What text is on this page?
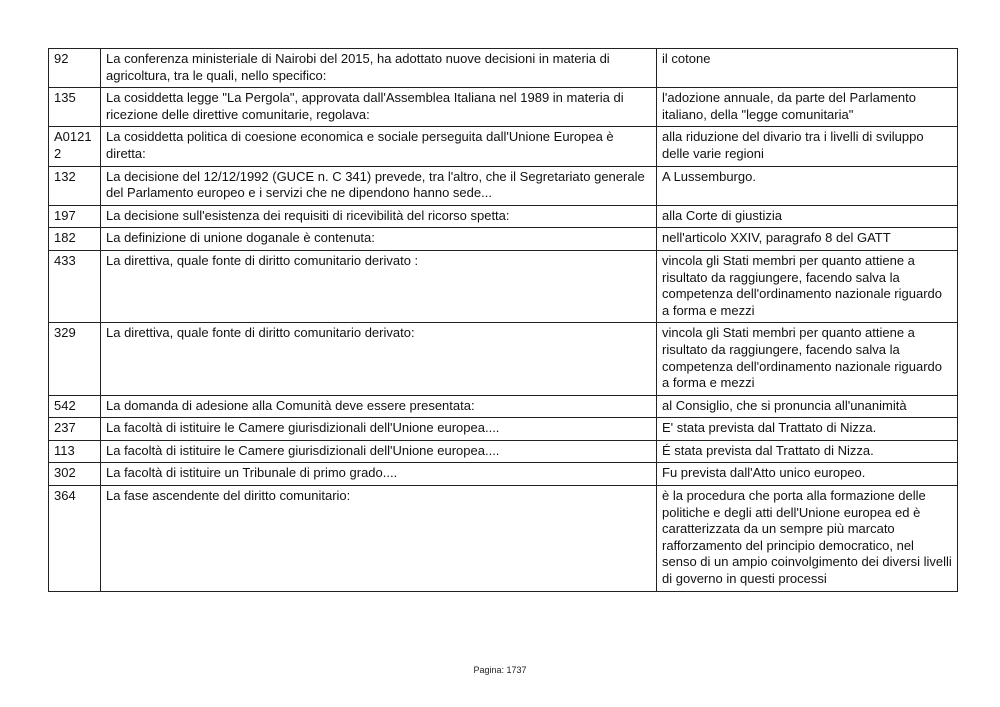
92	La conferenza ministeriale di Nairobi del 2015, ha adottato nuove decisioni in materia di agricoltura, tra le quali, nello specifico:	il cotone
135	La cosiddetta legge "La Pergola", approvata dall'Assemblea Italiana nel 1989 in materia di ricezione delle direttive comunitarie, regolava:	l'adozione annuale, da parte del Parlamento italiano, della "legge comunitaria"
A01212	La cosiddetta politica di coesione economica e sociale perseguita dall'Unione Europea è diretta:	alla riduzione del divario tra i livelli di sviluppo delle varie regioni
132	La decisione del 12/12/1992 (GUCE n. C 341) prevede, tra l'altro, che il Segretariato generale del Parlamento europeo e i servizi che ne dipendono hanno sede...	A Lussemburgo.
197	La decisione sull'esistenza dei requisiti di ricevibilità del ricorso spetta:	alla Corte di giustizia
182	La definizione di unione doganale è contenuta:	nell'articolo XXIV, paragrafo 8 del GATT
433	La direttiva, quale fonte di diritto comunitario derivato :	vincola gli Stati membri per quanto attiene a risultato da raggiungere, facendo salva la competenza dell'ordinamento nazionale riguardo a forma e mezzi
329	La direttiva, quale fonte di diritto comunitario derivato:	vincola gli Stati membri per quanto attiene a risultato da raggiungere, facendo salva la competenza dell'ordinamento nazionale riguardo a forma e mezzi
542	La domanda di adesione alla Comunità deve essere presentata:	al Consiglio, che si pronuncia all'unanimità
237	La facoltà di istituire le Camere giurisdizionali dell'Unione europea....	E' stata prevista dal Trattato di Nizza.
113	La facoltà di istituire le Camere giurisdizionali dell'Unione europea....	É stata prevista dal Trattato di Nizza.
302	La facoltà di istituire un Tribunale di primo grado....	Fu prevista dall'Atto unico europeo.
364	La fase ascendente del diritto comunitario:	è la procedura che porta alla formazione delle politiche e degli atti dell'Unione europea ed è caratterizzata da un sempre più marcato rafforzamento del principio democratico, nel senso di un ampio coinvolgimento dei diversi livelli di governo in questi processi
Pagina: 1737
